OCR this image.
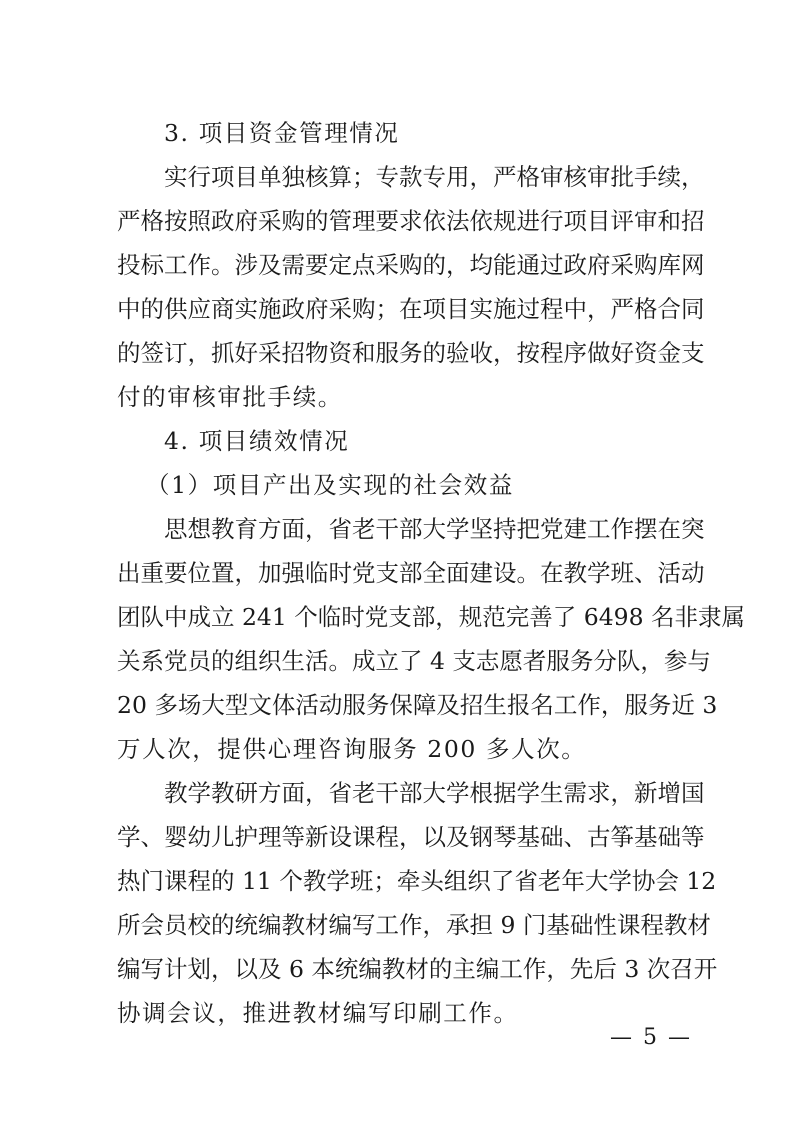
3. 项目资金管理情况
实行项目单独核算；专款专用，严格审核审批手续，
严格按照政府采购的管理要求依法依规进行项目评审和招
投标工作。涉及需要定点采购的，均能通过政府采购库网
中的供应商实施政府采购；在项目实施过程中，严格合同
的签订，抓好采招物资和服务的验收，按程序做好资金支
付的审核审批手续。
4. 项目绩效情况
（1）项目产出及实现的社会效益
思想教育方面，省老干部大学坚持把党建工作摆在突
出重要位置，加强临时党支部全面建设。在教学班、活动
团队中成立 241 个临时党支部，规范完善了 6498 名非隶属
关系党员的组织生活。成立了 4 支志愿者服务分队，参与
20 多场大型文体活动服务保障及招生报名工作，服务近 3
万人次，提供心理咨询服务 200 多人次。
教学教研方面，省老干部大学根据学生需求，新增国
学、婴幼儿护理等新设课程，以及钢琴基础、古筝基础等
热门课程的 11 个教学班；牵头组织了省老年大学协会 12
所会员校的统编教材编写工作，承担 9 门基础性课程教材
编写计划，以及 6 本统编教材的主编工作，先后 3 次召开
协调会议，推进教材编写印刷工作。
— 5 —
